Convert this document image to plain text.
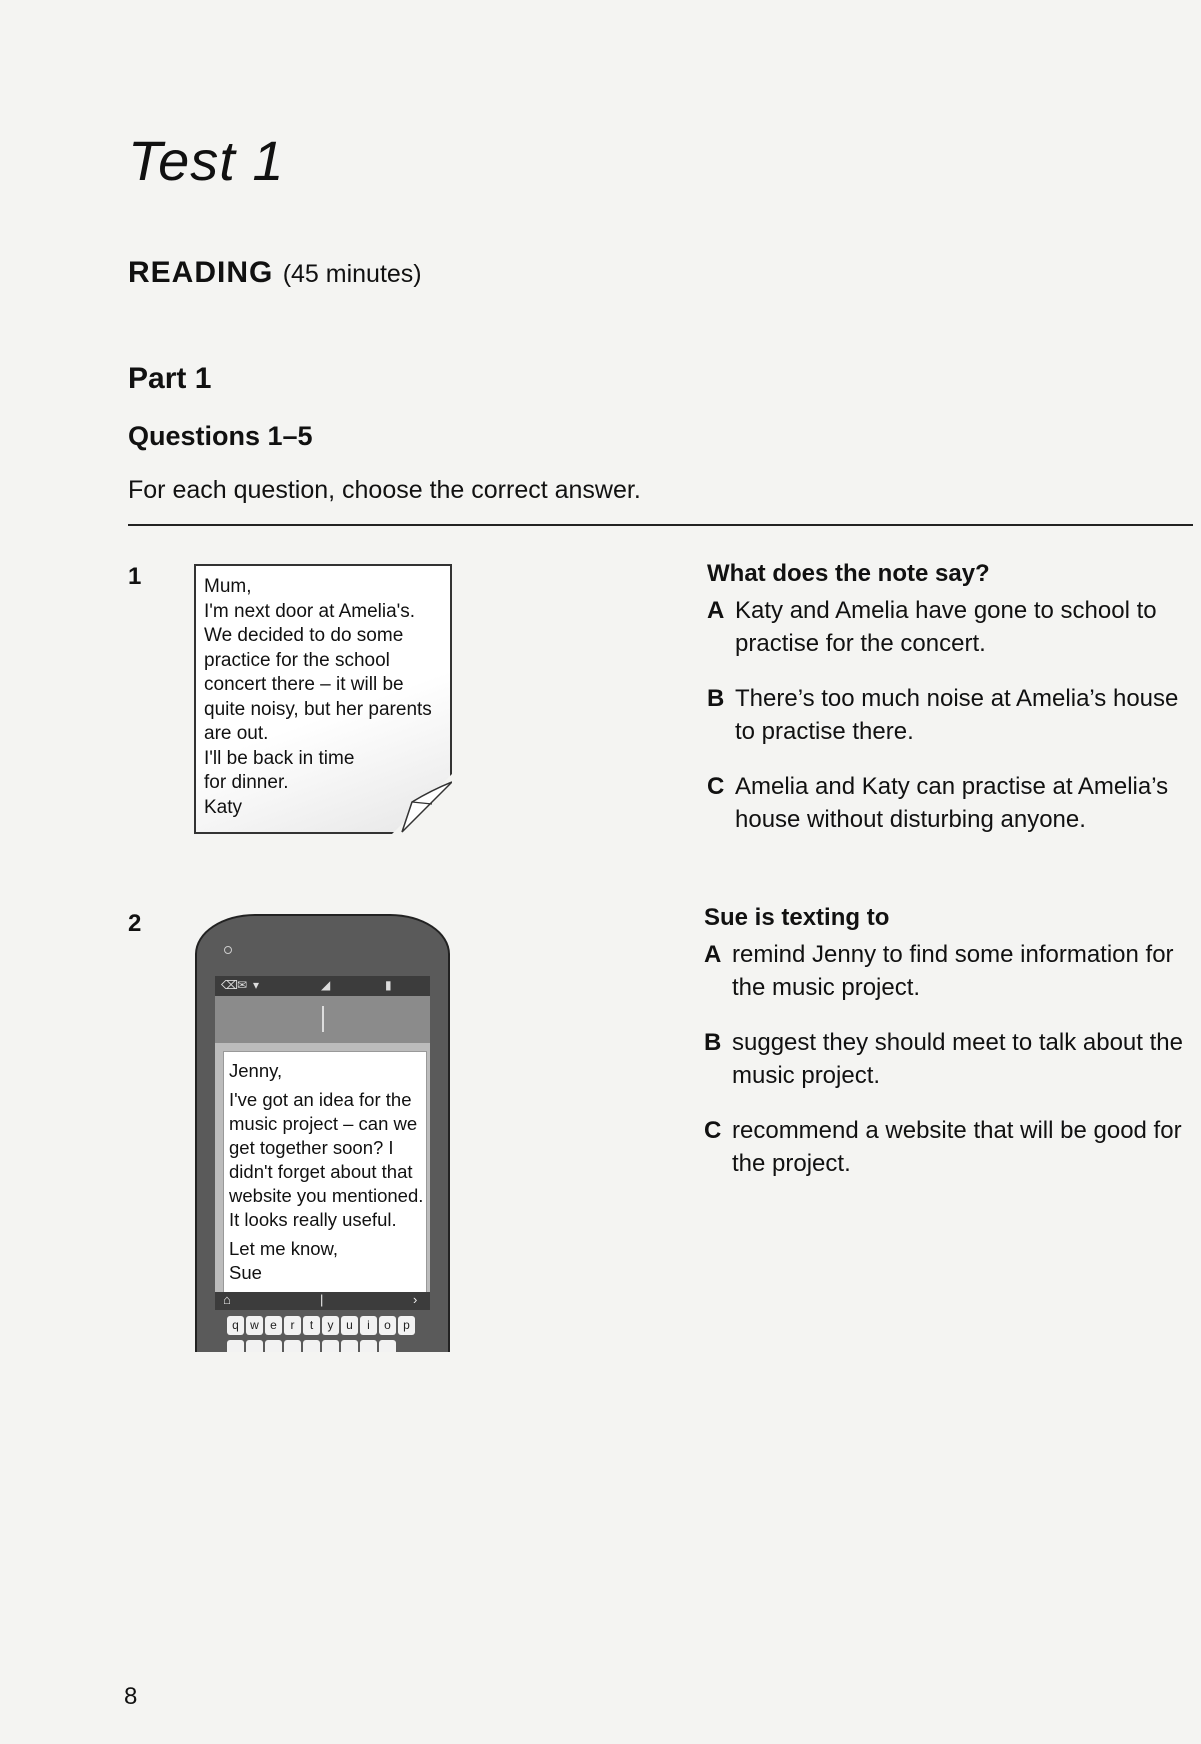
Test 1
READING (45 minutes)
Part 1
Questions 1–5
For each question, choose the correct answer.
1	Mum,
I'm next door at Amelia's.
We decided to do some
practice for the school
concert there – it will be
quite noisy, but her parents
are out.
I'll be back in time
for dinner.
Katy
What does the note say?
A Katy and Amelia have gone to school to practise for the concert.
B There’s too much noise at Amelia’s house to practise there.
C Amelia and Katy can practise at Amelia’s house without disturbing anyone.
2
⌫ ✉ ▾	◢	▮
Jenny,
I've got an idea for the
music project – can we
get together soon? I
didn't forget about that
website you mentioned.
It looks really useful.
Let me know,
Sue
⌂	|	›
q w e	r	t	y	u	i	o	p
Sue is texting to
A remind Jenny to find some information for the music project.
B suggest they should meet to talk about the music project.
C recommend a website that will be good for the project.
8
